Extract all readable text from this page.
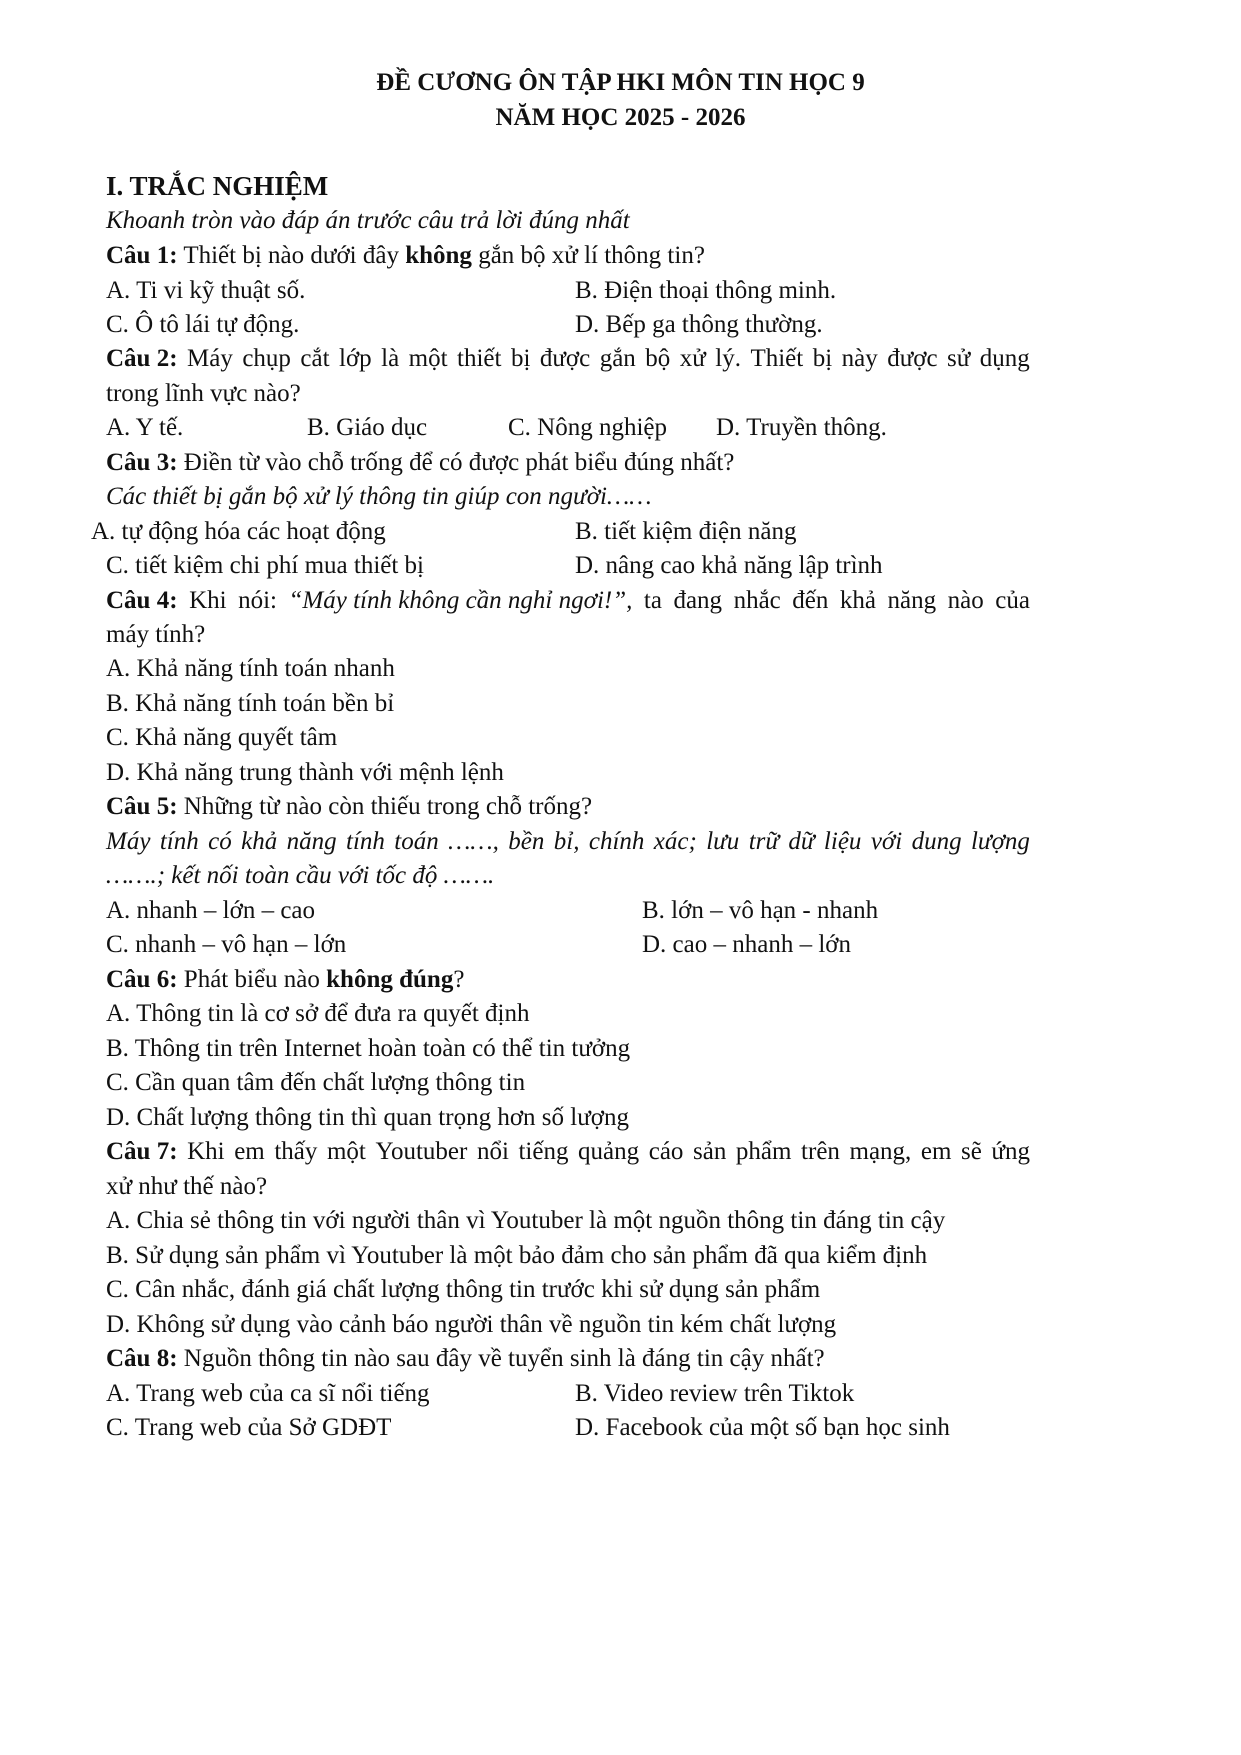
ĐỀ CƯƠNG ÔN TẬP HKI MÔN TIN HỌC 9
NĂM HỌC 2025 - 2026
I. TRẮC NGHIỆM
Khoanh tròn vào đáp án trước câu trả lời đúng nhất
Câu 1: Thiết bị nào dưới đây không gắn bộ xử lí thông tin?
A. Ti vi kỹ thuật số.	B. Điện thoại thông minh.
C. Ô tô lái tự động.	D. Bếp ga thông thường.
Câu 2: Máy chụp cắt lớp là một thiết bị được gắn bộ xử lý. Thiết bị này được sử dụng
trong lĩnh vực nào?
A. Y tế.	B. Giáo dục	C. Nông nghiệp D. Truyền thông.
Câu 3: Điền từ vào chỗ trống để có được phát biểu đúng nhất?
Các thiết bị gắn bộ xử lý thông tin giúp con người……
A. tự động hóa các hoạt động	B. tiết kiệm điện năng
C. tiết kiệm chi phí mua thiết bị	D. nâng cao khả năng lập trình
Câu 4: Khi nói: “Máy tính không cần nghỉ ngơi!”, ta đang nhắc đến khả năng nào của
máy tính?
A. Khả năng tính toán nhanh
B. Khả năng tính toán bền bỉ
C. Khả năng quyết tâm
D. Khả năng trung thành với mệnh lệnh
Câu 5: Những từ nào còn thiếu trong chỗ trống?
Máy tính có khả năng tính toán ……, bền bỉ, chính xác; lưu trữ dữ liệu với dung lượng
…….; kết nối toàn cầu với tốc độ …….
A. nhanh – lớn – cao	B. lớn – vô hạn - nhanh
C. nhanh – vô hạn – lớn	D. cao – nhanh – lớn
Câu 6: Phát biểu nào không đúng?
A. Thông tin là cơ sở để đưa ra quyết định
B. Thông tin trên Internet hoàn toàn có thể tin tưởng
C. Cần quan tâm đến chất lượng thông tin
D. Chất lượng thông tin thì quan trọng hơn số lượng
Câu 7: Khi em thấy một Youtuber nổi tiếng quảng cáo sản phẩm trên mạng, em sẽ ứng
xử như thế nào?
A. Chia sẻ thông tin với người thân vì Youtuber là một nguồn thông tin đáng tin cậy
B. Sử dụng sản phẩm vì Youtuber là một bảo đảm cho sản phẩm đã qua kiểm định
C. Cân nhắc, đánh giá chất lượng thông tin trước khi sử dụng sản phẩm
D. Không sử dụng vào cảnh báo người thân về nguồn tin kém chất lượng
Câu 8: Nguồn thông tin nào sau đây về tuyển sinh là đáng tin cậy nhất?
A. Trang web của ca sĩ nổi tiếng	B. Video review trên Tiktok
C. Trang web của Sở GDĐT	D. Facebook của một số bạn học sinh
